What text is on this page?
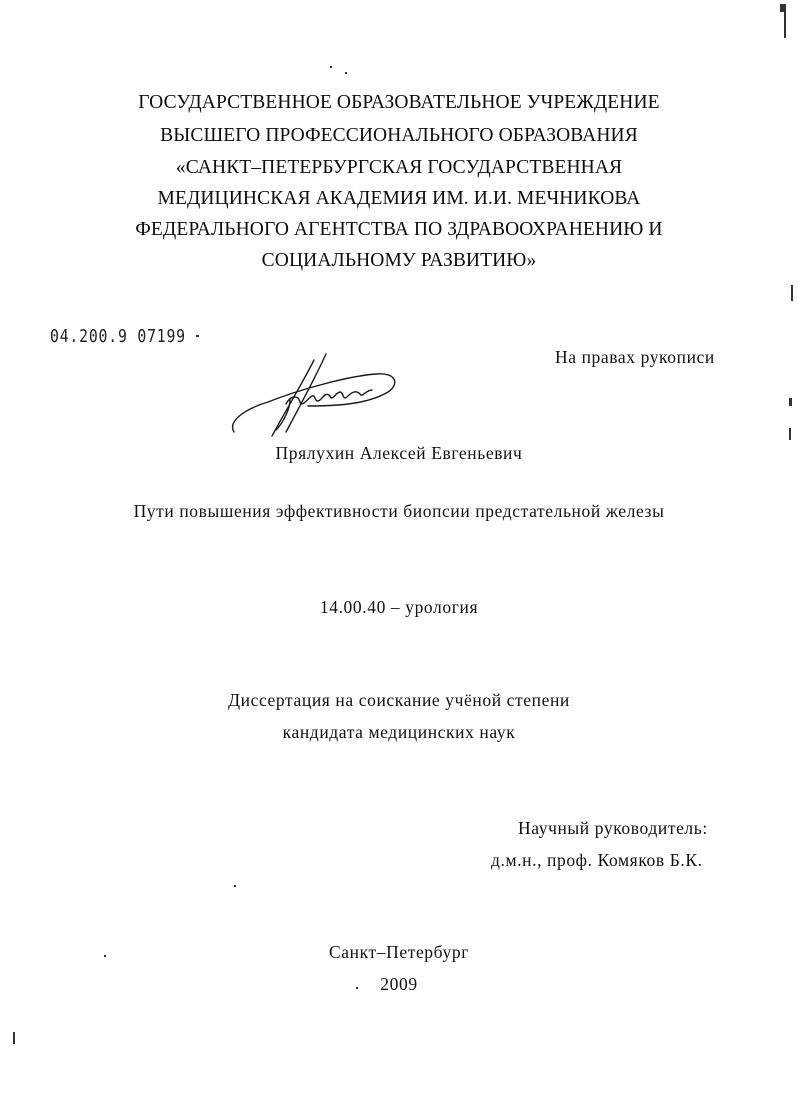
ГОСУДАРСТВЕННОЕ ОБРАЗОВАТЕЛЬНОЕ УЧРЕЖДЕНИЕ
ВЫСШЕГО ПРОФЕССИОНАЛЬНОГО ОБРАЗОВАНИЯ
«САНКТ–ПЕТЕРБУРГСКАЯ ГОСУДАРСТВЕННАЯ
МЕДИЦИНСКАЯ АКАДЕМИЯ ИМ. И.И. МЕЧНИКОВА
ФЕДЕРАЛЬНОГО АГЕНТСТВА ПО ЗДРАВООХРАНЕНИЮ И
СОЦИАЛЬНОМУ РАЗВИТИЮ»
04.200.9 07199
На правах рукописи
Прялухин Алексей Евгеньевич
Пути повышения эффективности биопсии предстательной железы
14.00.40 – урология
Диссертация на соискание учёной степени
кандидата медицинских наук
Научный руководитель:
д.м.н., проф. Комяков Б.К.
Санкт–Петербург
2009
